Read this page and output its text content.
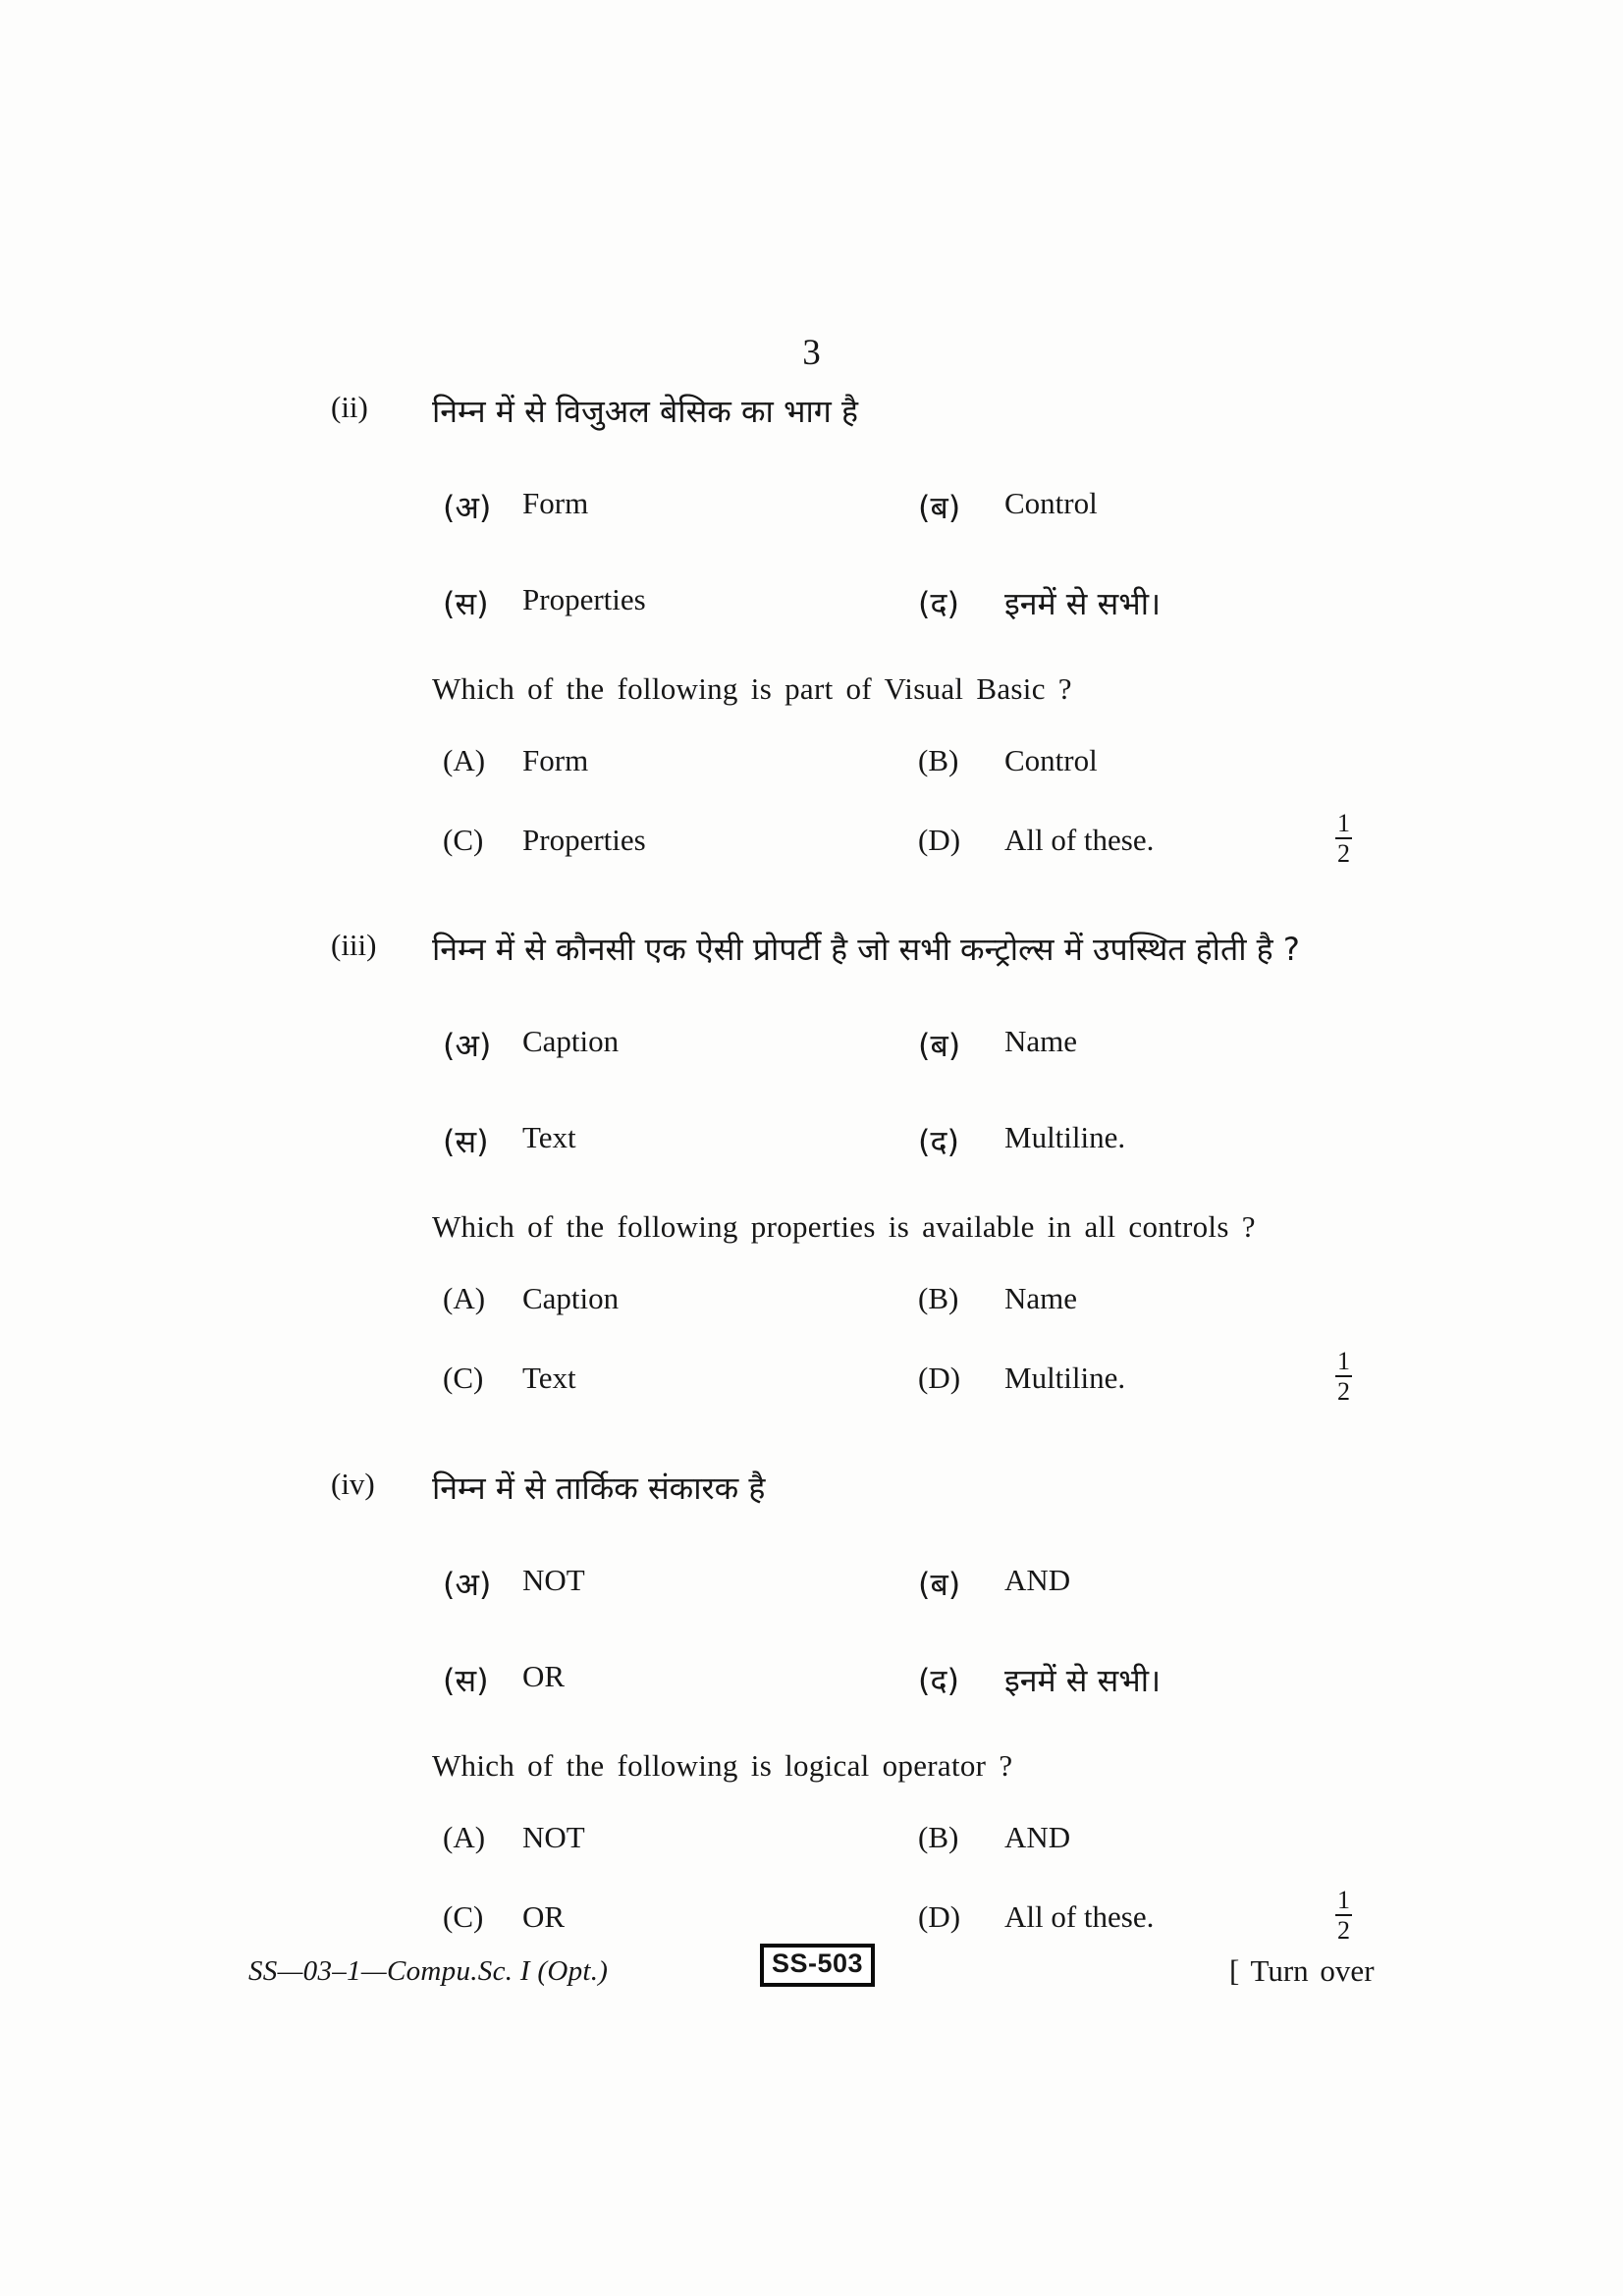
3
(ii) निम्न में से विजुअल बेसिक का भाग है
(अ) Form	(ब) Control
(स) Properties	(द) इनमें से सभी।
Which of the following is part of Visual Basic ?
(A) Form	(B) Control
(C) Properties	(D) All of these.	$\frac{1}{2}$
(iii) निम्न में से कौनसी एक ऐसी प्रोपर्टी है जो सभी कन्ट्रोल्स में उपस्थित होती है ?
(अ) Caption	(ब) Name
(स) Text	(द) Multiline.
Which of the following properties is available in all controls ?
(A) Caption	(B) Name
(C) Text	(D) Multiline.	$\frac{1}{2}$
(iv) निम्न में से तार्किक संकारक है
(अ) NOT	(ब) AND
(स) OR	(द) इनमें से सभी।
Which of the following is logical operator ?
(A) NOT	(B) AND
(C) OR	(D) All of these.	$\frac{1}{2}$
SS—03–1—Compu.Sc. I (Opt.)	SS-503	[ Turn over
